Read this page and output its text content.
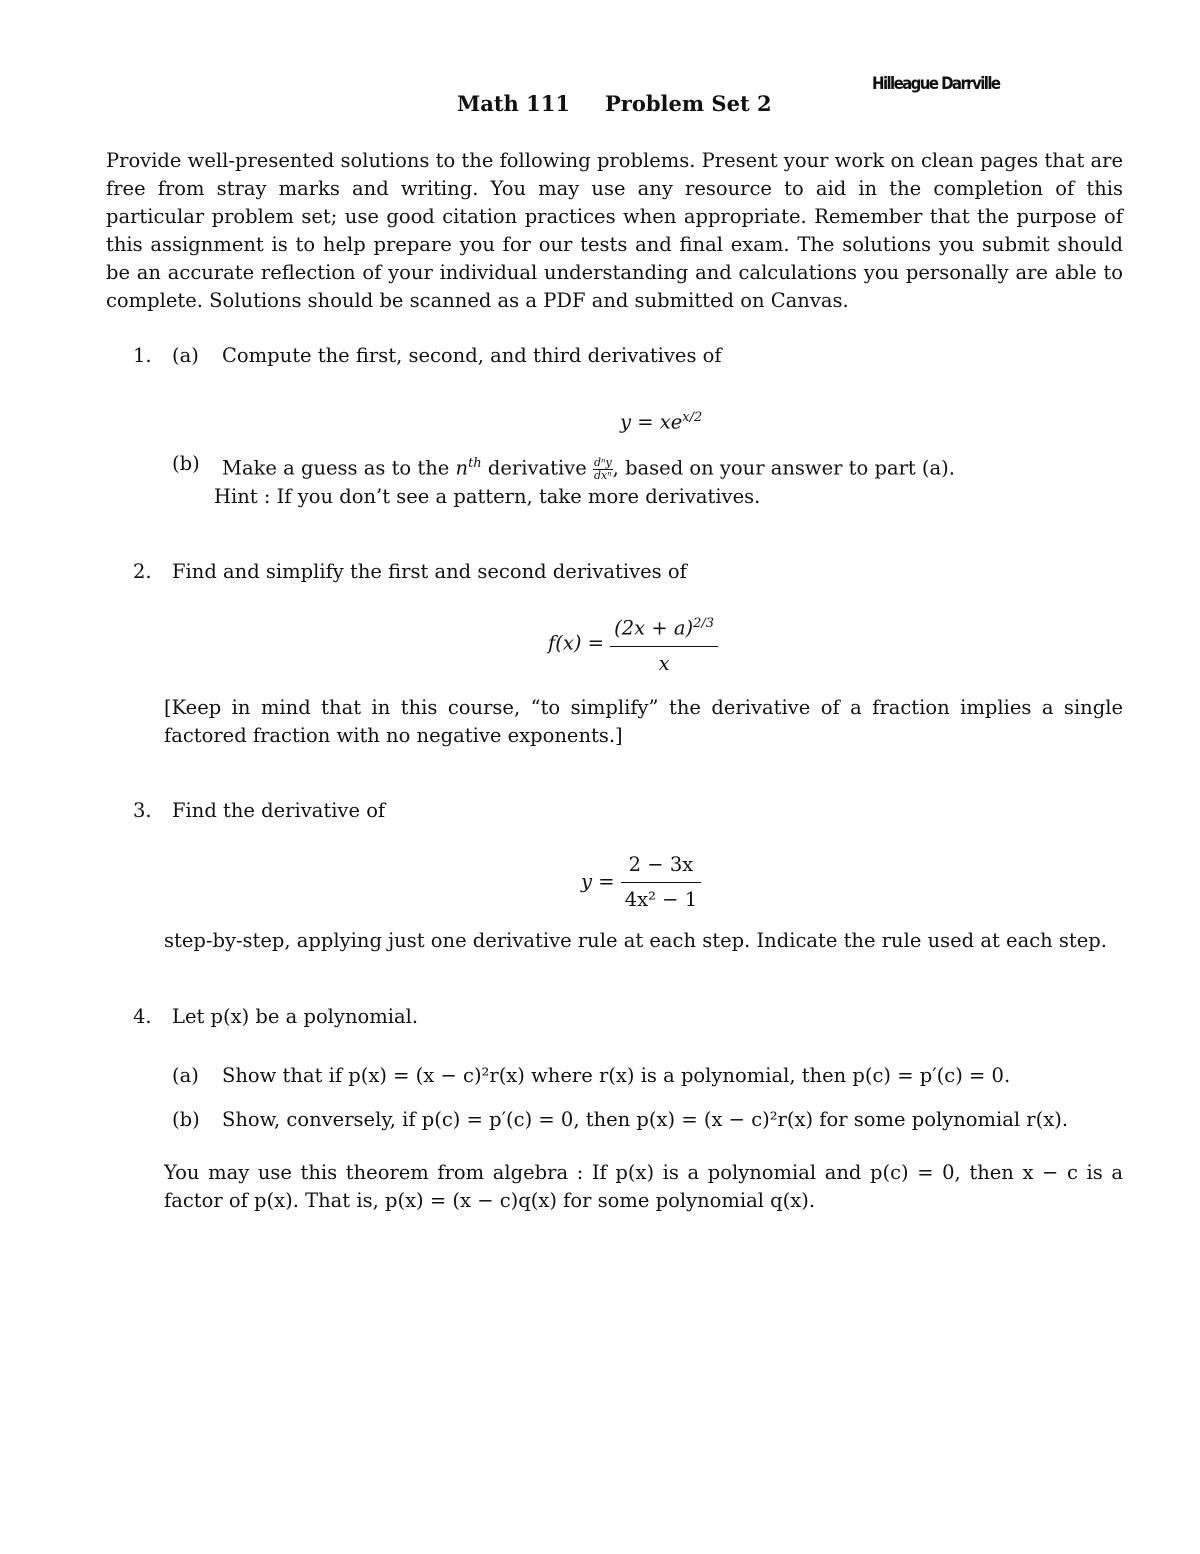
Hilleague Darrville
Math 111 Problem Set 2
Provide well-presented solutions to the following problems. Present your work on clean pages that are free from stray marks and writing. You may use any resource to aid in the completion of this particular problem set; use good citation practices when appropriate. Remember that the purpose of this assignment is to help prepare you for our tests and final exam. The solutions you submit should be an accurate reflection of your individual understanding and calculations you personally are able to complete. Solutions should be scanned as a PDF and submitted on Canvas.
1. (a) Compute the first, second, and third derivatives of
$y = xe^{x/2}$
(b) Make a guess as to the $n^{th}$ derivative dⁿy
dxⁿ , based on your answer to part (a).
Hint : If you don’t see a pattern, take more derivatives.
2. Find and simplify the first and second derivatives of
$f(x) = \frac{(2x + a)^{2/3}}{x}$
[Keep in mind that in this course, “to simplify” the derivative of a fraction implies a single factored fraction with no negative exponents.]
3. Find the derivative of
$y = \frac{2 - 3x}{\text{4x² − 1}}$
step-by-step, applying just one derivative rule at each step. Indicate the rule used at each step.
4. Let p(x) be a polynomial.
(a) Show that if p(x) = (x − c)²r(x) where r(x) is a polynomial, then p(c) = p′(c) = 0.
(b) Show, conversely, if p(c) = p′(c) = 0, then p(x) = (x − c)²r(x) for some polynomial r(x).
You may use this theorem from algebra : If p(x) is a polynomial and p(c) = 0, then x − c is a factor of p(x). That is, p(x) = (x − c)q(x) for some polynomial q(x).
